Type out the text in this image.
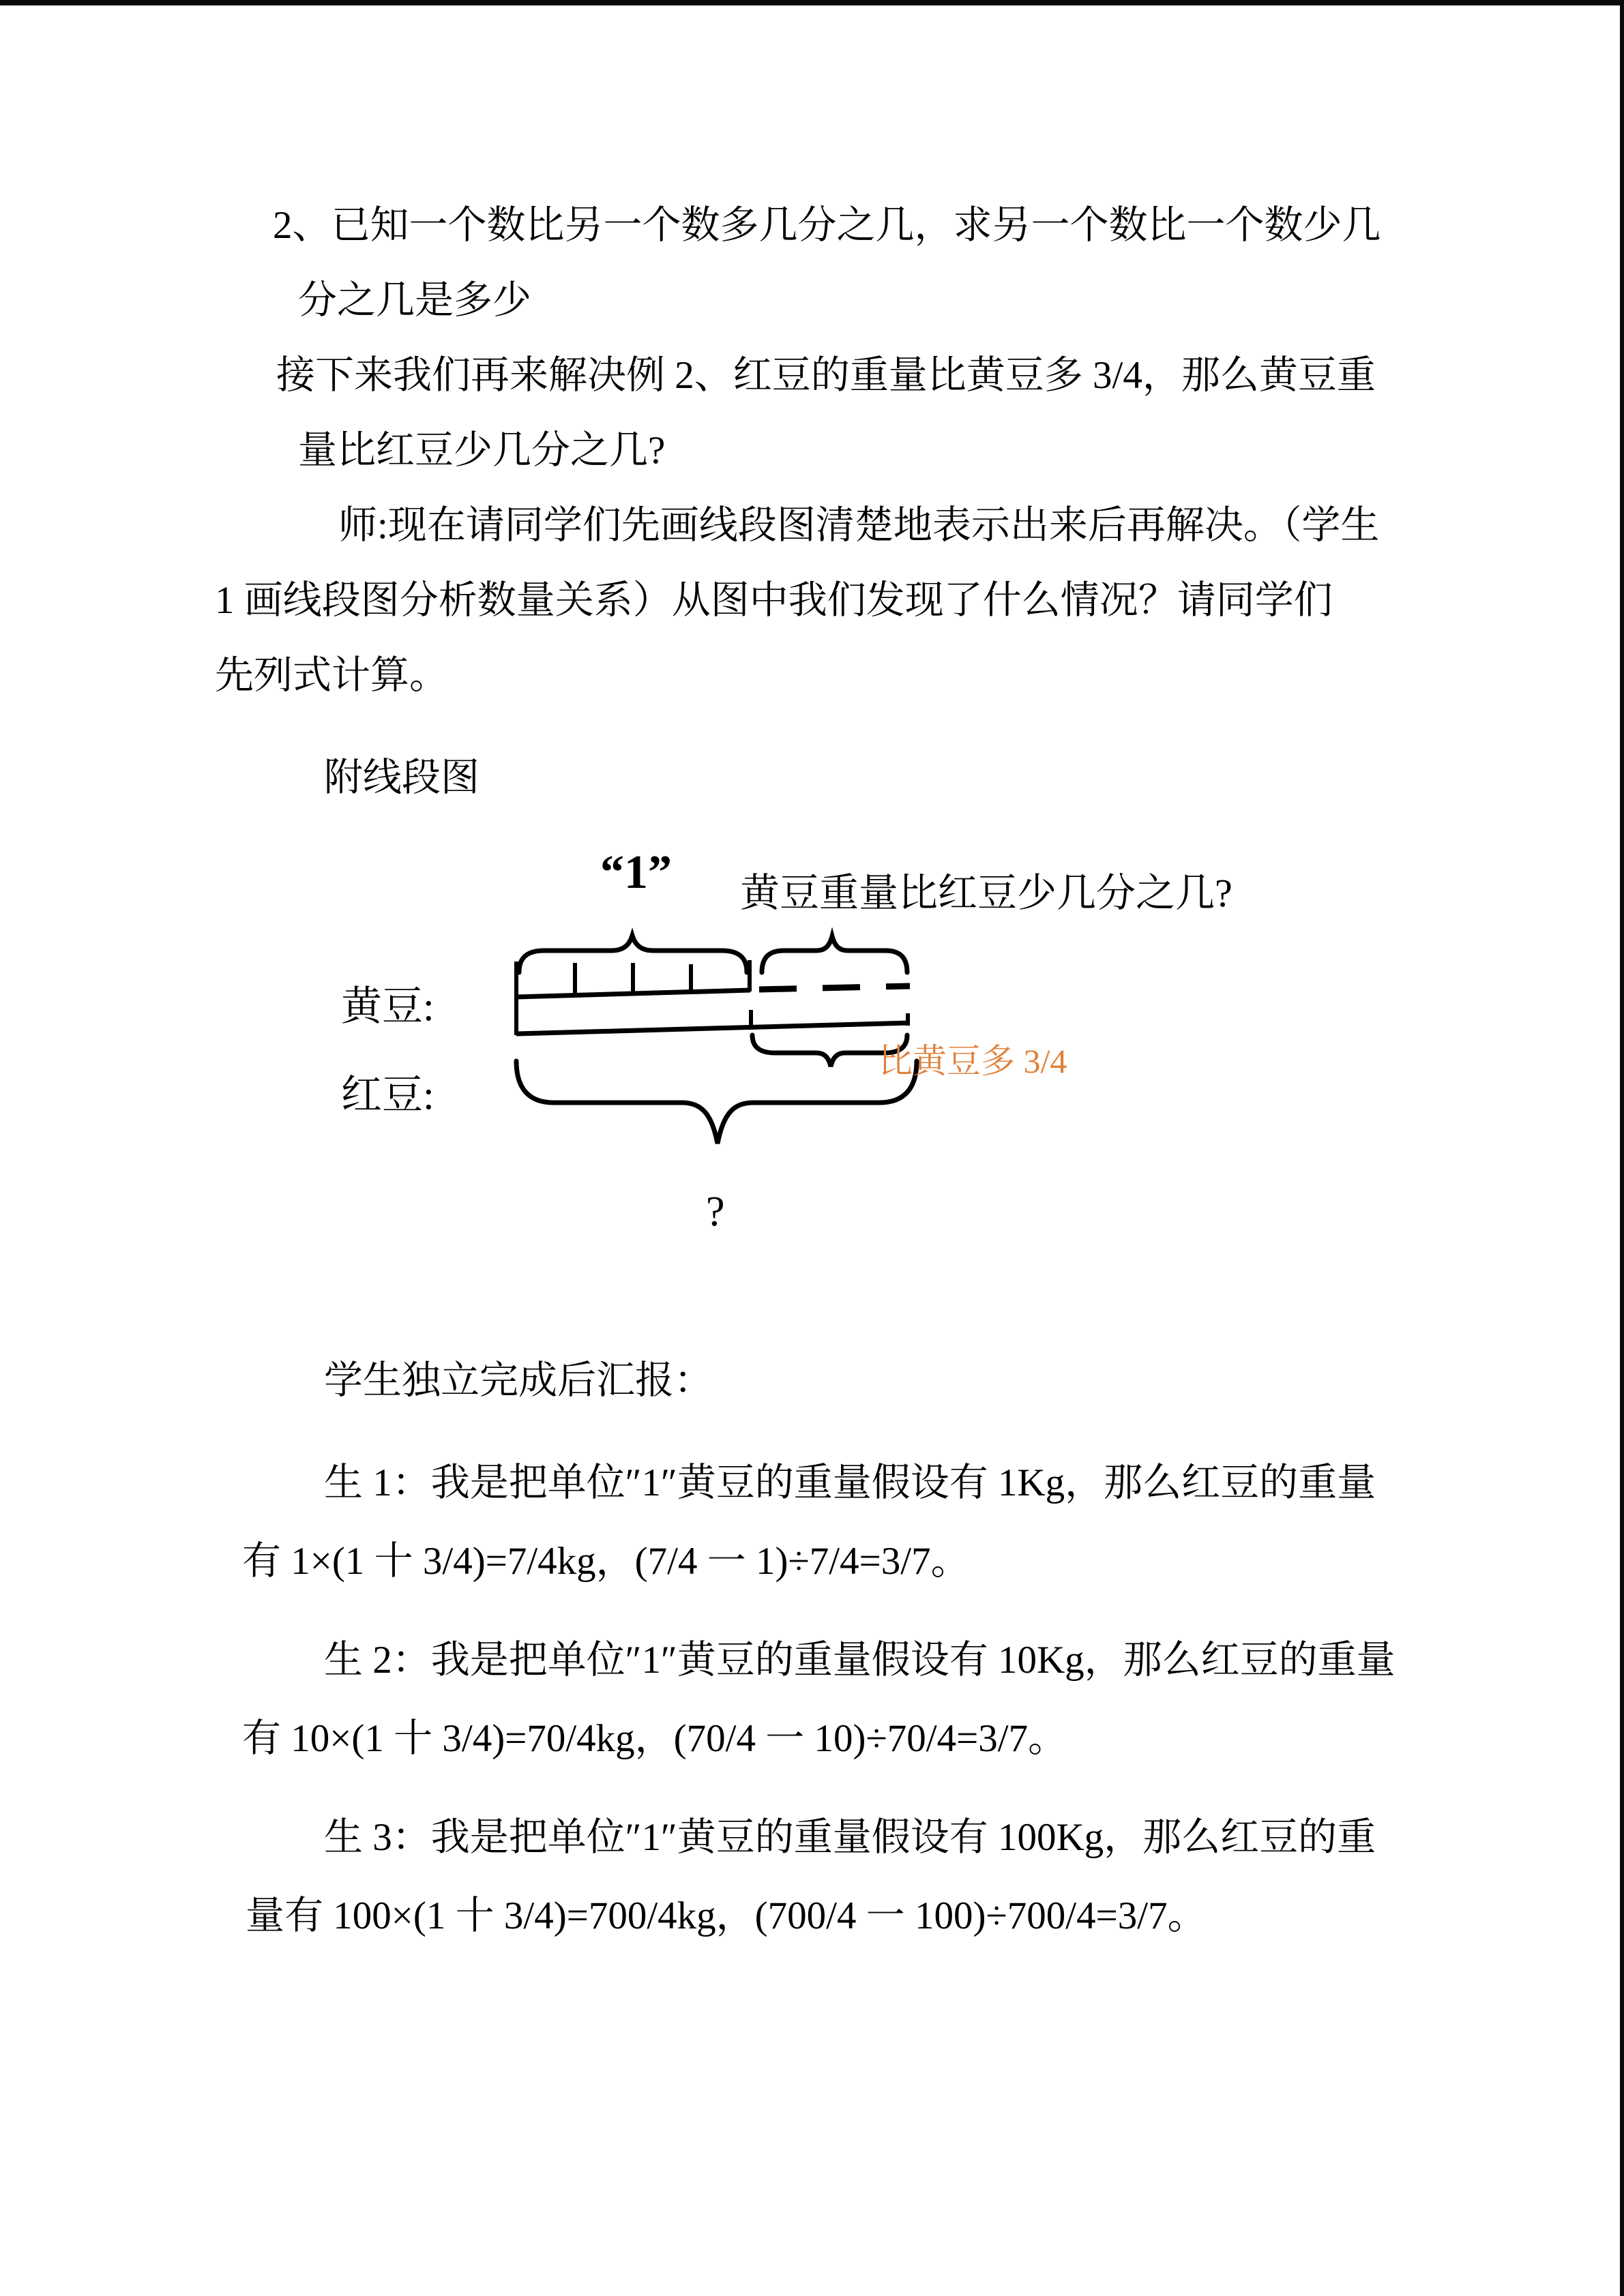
2、已知一个数比另一个数多几分之几，求另一个数比一个数少几
分之几是多少
接下来我们再来解决例 2、红豆的重量比黄豆多 3/4，那么黄豆重
量比红豆少几分之几?
师:现在请同学们先画线段图清楚地表示出来后再解决。（学生
1 画线段图分析数量关系）从图中我们发现了什么情况？请同学们
先列式计算。
附线段图
学生独立完成后汇报：
生 1：我是把单位″1″黄豆的重量假设有 1Kg，那么红豆的重量
有 1×(1 十 3/4)=7/4kg，(7/4 一 1)÷7/4=3/7。
生 2：我是把单位″1″黄豆的重量假设有 10Kg，那么红豆的重量
有 10×(1 十 3/4)=70/4kg，(70/4 一 10)÷70/4=3/7。
生 3：我是把单位″1″黄豆的重量假设有 100Kg，那么红豆的重
量有 100×(1 十 3/4)=700/4kg，(700/4 一 100)÷700/4=3/7。
“1” 黄豆重量比红豆少几分之几?
黄豆:
红豆:
比黄豆多 3/4
?
